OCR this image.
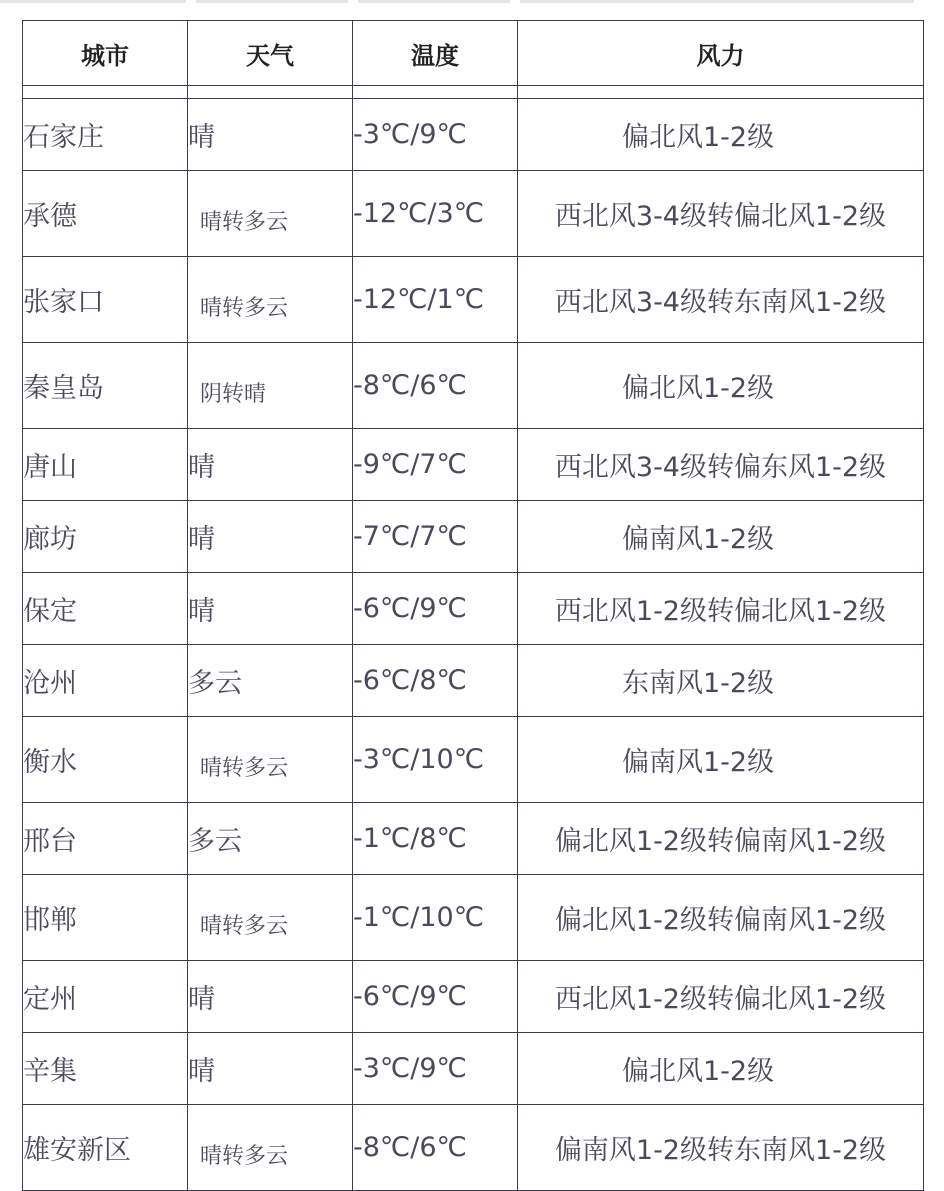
城市	天气	温度	风力

石家庄	晴	-3℃/9℃	偏北风1-2级
承德	晴转多云	-12℃/3℃	西北风3-4级转偏北风1-2级
张家口	晴转多云	-12℃/1℃	西北风3-4级转东南风1-2级
秦皇岛	阴转晴	-8℃/6℃	偏北风1-2级
唐山	晴	-9℃/7℃	西北风3-4级转偏东风1-2级
廊坊	晴	-7℃/7℃	偏南风1-2级
保定	晴	-6℃/9℃	西北风1-2级转偏北风1-2级
沧州	多云	-6℃/8℃	东南风1-2级
衡水	晴转多云	-3℃/10℃	偏南风1-2级
邢台	多云	-1℃/8℃	偏北风1-2级转偏南风1-2级
邯郸	晴转多云	-1℃/10℃	偏北风1-2级转偏南风1-2级
定州	晴	-6℃/9℃	西北风1-2级转偏北风1-2级
辛集	晴	-3℃/9℃	偏北风1-2级
雄安新区	晴转多云	-8℃/6℃	偏南风1-2级转东南风1-2级
